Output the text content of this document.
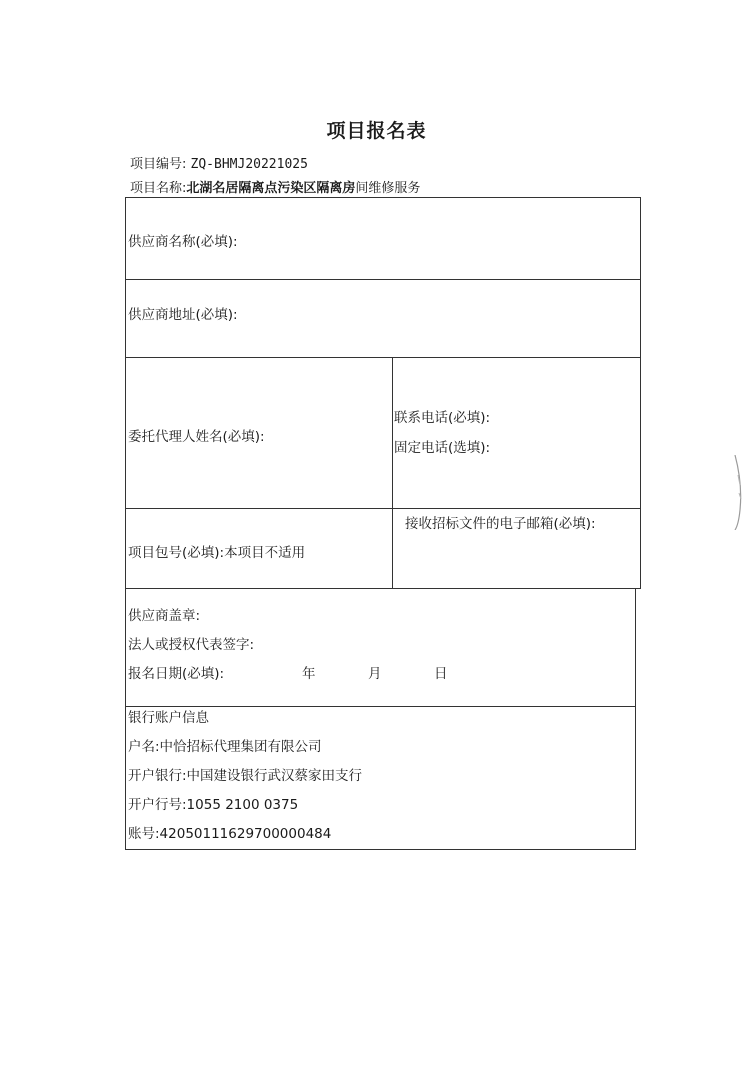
项目报名表
项目编号: ZQ-BHMJ20221025
项目名称:北湖名居隔离点污染区隔离房间维修服务
供应商名称(必填):
供应商地址(必填):
委托代理人姓名(必填):
联系电话(必填):
固定电话(选填):
项目包号(必填):本项目不适用
接收招标文件的电子邮箱(必填):
供应商盖章:
法人或授权代表签字:
报名日期(必填):	年	月	日
银行账户信息
户名:中恰招标代理集团有限公司
开户银行:中国建设银行武汉蔡家田支行
开户行号:1055 2100 0375
账号:42050111629700000484
